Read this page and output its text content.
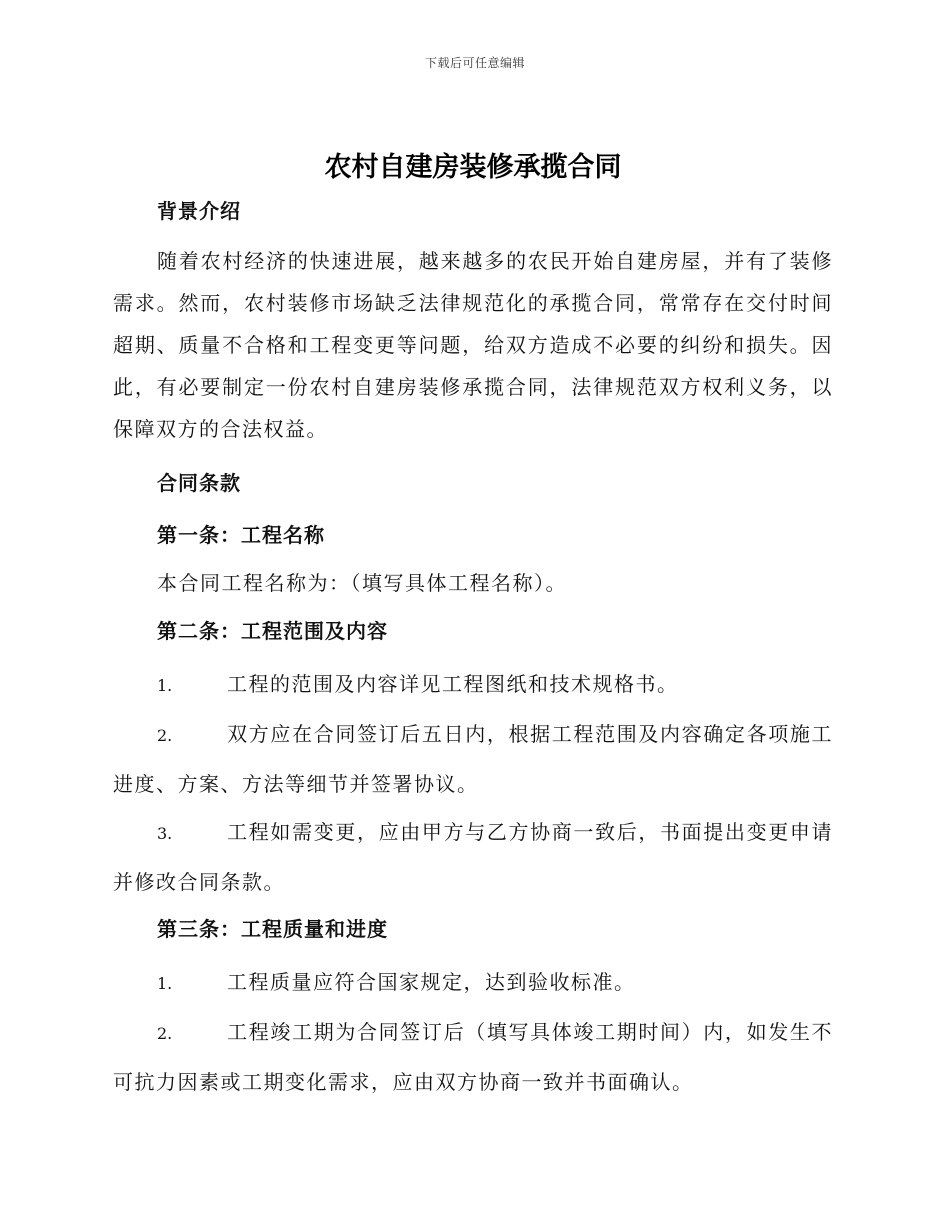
下载后可任意编辑
农村自建房装修承揽合同

背景介绍

随着农村经济的快速进展，越来越多的农民开始自建房屋，并有了装修需求。然而，农村装修市场缺乏法律规范化的承揽合同，常常存在交付时间超期、质量不合格和工程变更等问题，给双方造成不必要的纠纷和损失。因此，有必要制定一份农村自建房装修承揽合同，法律规范双方权利义务，以保障双方的合法权益。

合同条款

第一条：工程名称

本合同工程名称为：（填写具体工程名称）。

第二条：工程范围及内容

1.	工程的范围及内容详见工程图纸和技术规格书。

2.	双方应在合同签订后五日内，根据工程范围及内容确定各项施工进度、方案、方法等细节并签署协议。

3.	工程如需变更，应由甲方与乙方协商一致后，书面提出变更申请并修改合同条款。

第三条：工程质量和进度

1.	工程质量应符合国家规定，达到验收标准。

2.	工程竣工期为合同签订后（填写具体竣工期时间）内，如发生不可抗力因素或工期变化需求，应由双方协商一致并书面确认。
